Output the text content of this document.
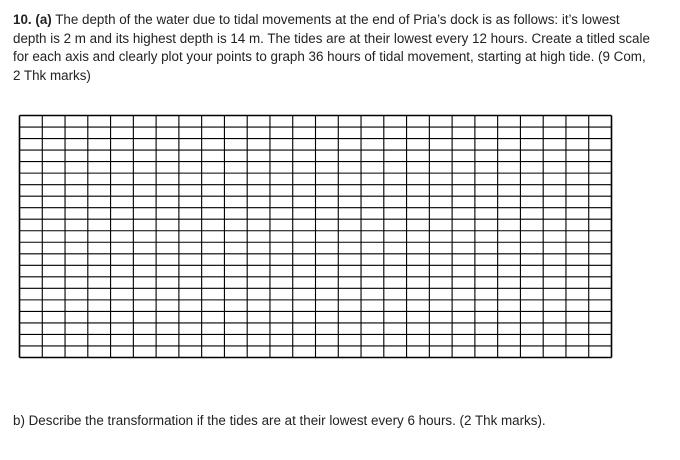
10. (a) The depth of the water due to tidal movements at the end of Pria’s dock is as follows: it’s lowest depth is 2 m and its highest depth is 14 m. The tides are at their lowest every 12 hours. Create a titled scale for each axis and clearly plot your points to graph 36 hours of tidal movement, starting at high tide. (9 Com, 2 Thk marks)

b) Describe the transformation if the tides are at their lowest every 6 hours. (2 Thk marks).
